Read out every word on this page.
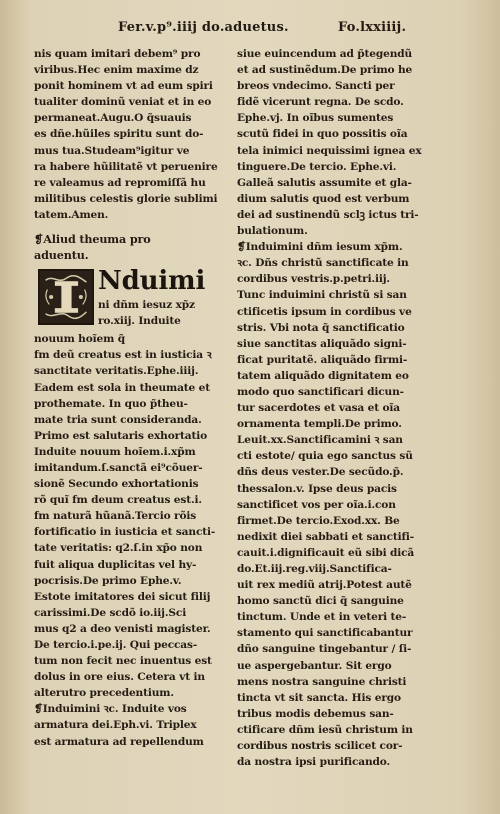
Fer.v.p⁹.iiij do.aduetus.	Fo.lxxiiij.
nis quam imitari debem⁹ pro
viribus.Hec enim maxime dz
ponit hominem vt ad eum spiri
tualiter dominũ veniat et in eo
permaneat.Augu.O q̃suauis
es dñe.hũiles spiritu sunt do-
mus tua.Studeam⁹igitur ve
ra habere hũilitatẽ vt peruenire
re valeamus ad repromiſſã hu
militibus celestis glorie sublimi
tatem.Amen.
❡Aliud theuma pro
aduentu.
Nduimi
ni dñm iesuz xp̃z
ro.xiij. Induite
nouum hoĩem q̃
fm deũ creatus est in iusticia ꝛ
sanctitate veritatis.Ephe.iiij.
Eadem est sola in theumate et
prothemate. In quo p̃theu-
mate tria sunt consideranda.
Primo est salutaris exhortatio
Induite nouum hoĩem.i.xp̃m
imitandum.ſ.sanctã ei⁹cõuer-
sionẽ Secundo exhortationis
rõ quĩ fm deum creatus est.i.
fm naturã hũanã.Tercio rõis
fortificatio in iusticia et sancti-
tate veritatis: q2.ſ.in xp̃o non
fuit aliqua duplicitas vel hy-
pocrisis.De primo Ephe.v.
Estote imitatores dei sicut filij
carissimi.De scdõ io.iij.Sci
mus q2 a deo venisti magister.
De tercio.i.pe.ij. Qui peccas-
tum non fecit nec inuentus est
dolus in ore eius. Cetera vt in
alterutro precedentium.
❡Induimini ꝛc. Induite vos
armatura dei.Eph.vi. Triplex
est armatura ad repellendum
siue euincendum ad p̃tegendũ
et ad sustinẽdum.De primo he
breos vndecimo. Sancti per
fidẽ vicerunt regna. De scdo.
Ephe.vj. In oĩbus sumentes
scutũ fidei in quo possitis oĩa
tela inimici nequissimi ignea ex
tinguere.De tercio. Ephe.vi.
Galleã salutis assumite et gla-
dium salutis quod est verbum
dei ad sustinendũ sclꝫ ictus tri-
bulationum.
❡Induimini dñm iesum xp̃m.
ꝛc. Dñs christũ sanctificate in
cordibus vestris.p.petri.iij.
Tunc induimini christũ si san
ctificetis ipsum in cordibus ve
stris. Vbi nota q̃ sanctificatio
siue sanctitas aliquãdo signi-
ficat puritatẽ. aliquãdo firmi-
tatem aliquãdo dignitatem eo
modo quo sanctificari dicun-
tur sacerdotes et vasa et oĩa
ornamenta templi.De primo.
Leuit.xx.Sanctificamini ꝛ san
cti estote/ quia ego sanctus sũ
dñs deus vester.De secũdo.p̃.
thessalon.v. Ipse deus pacis
sanctificet vos per oĩa.i.con
firmet.De tercio.Exod.xx. Be
nedixit diei sabbati et sanctifi-
cauit.i.dignificauit eũ sibi dicã
do.Et.iij.reg.viij.Sanctifica-
uit rex mediũ atrij.Potest autẽ
homo sanctũ dici q̃ sanguine
tinctum. Unde et in veteri te-
stamento qui sanctificabantur
dño sanguine tingebantur / ſi-
ue aspergebantur. Sit ergo
mens nostra sanguine christi
tincta vt sit sancta. His ergo
tribus modis debemus san-
ctificare dñm iesũ christum in
cordibus nostris scilicet cor-
da nostra ipsi purificando.
